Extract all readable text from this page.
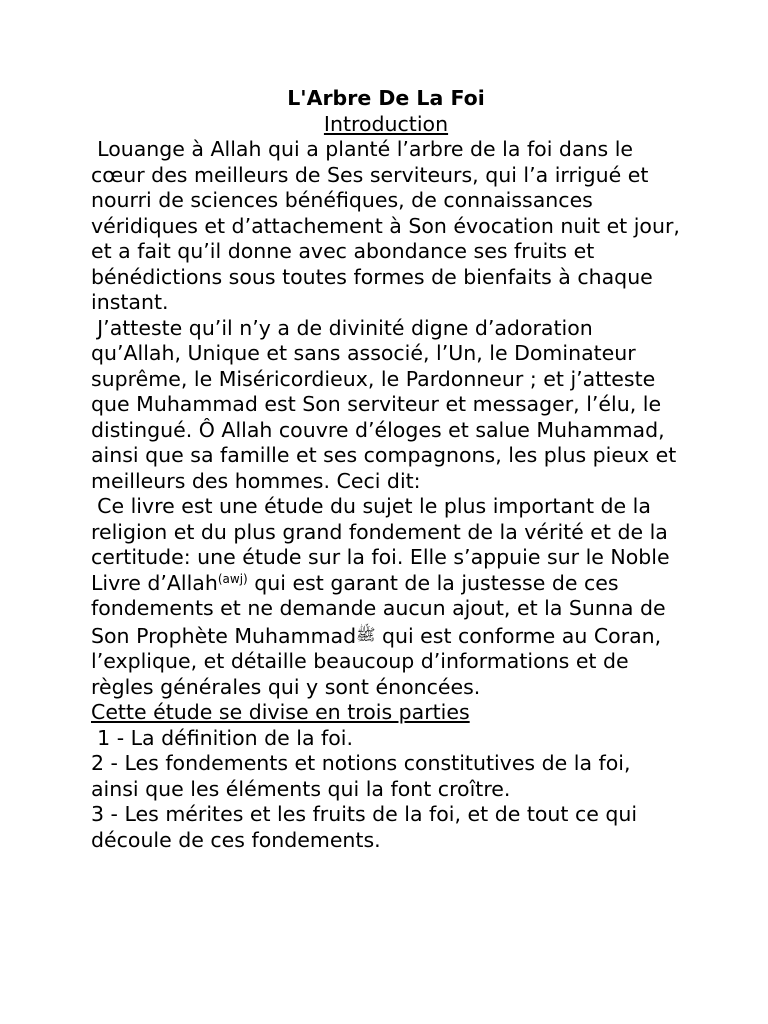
L'Arbre De La Foi
Introduction

Louange à Allah qui a planté l’arbre de la foi dans le cœur des meilleurs de Ses serviteurs, qui l’a irrigué et nourri de sciences bénéfiques, de connaissances véridiques et d’attachement à Son évocation nuit et jour, et a fait qu’il donne avec abondance ses fruits et bénédictions sous toutes formes de bienfaits à chaque instant.

J’atteste qu’il n’y a de divinité digne d’adoration qu’Allah, Unique et sans associé, l’Un, le Dominateur suprême, le Miséricordieux, le Pardonneur ; et j’atteste que Muhammad est Son serviteur et messager, l’élu, le distingué. Ô Allah couvre d’éloges et salue Muhammad, ainsi que sa famille et ses compagnons, les plus pieux et meilleurs des hommes. Ceci dit:

Ce livre est une étude du sujet le plus important de la religion et du plus grand fondement de la vérité et de la certitude: une étude sur la foi. Elle s’appuie sur le Noble Livre d’Allah$^{(awj)}$ qui est garant de la justesse de ces fondements et ne demande aucun ajout, et la Sunna de Son Prophète Muhammadﷺ qui est conforme au Coran, l’explique, et détaille beaucoup d’informations et de règles générales qui y sont énoncées.

Cette étude se divise en trois parties
1 - La définition de la foi.
2 - Les fondements et notions constitutives de la foi, ainsi que les éléments qui la font croître.
3 - Les mérites et les fruits de la foi, et de tout ce qui découle de ces fondements.
